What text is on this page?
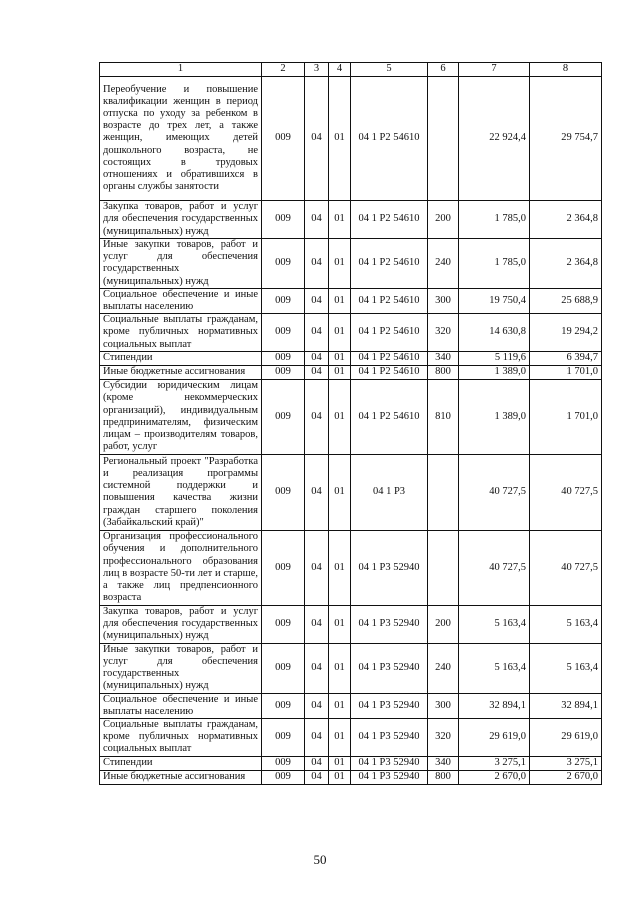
1	2	3	4	5	6	7	8
Переобучение и повышение квалификации женщин в период отпуска по уходу за ребенком в возрасте до трех лет, а также женщин, имеющих детей дошкольного возраста, не состоящих в трудовых отношениях и обратившихся в органы службы занятости	009	04	01	04 1 P2 54610		22 924,4	29 754,7
Закупка товаров, работ и услуг для обеспечения государственных (муниципальных) нужд	009	04	01	04 1 P2 54610	200	1 785,0	2 364,8
Иные закупки товаров, работ и услуг для обеспечения государственных (муниципальных) нужд	009	04	01	04 1 P2 54610	240	1 785,0	2 364,8
Социальное обеспечение и иные выплаты населению	009	04	01	04 1 P2 54610	300	19 750,4	25 688,9
Социальные выплаты гражданам, кроме публичных нормативных социальных выплат	009	04	01	04 1 P2 54610	320	14 630,8	19 294,2
Стипендии	009	04	01	04 1 P2 54610	340	5 119,6	6 394,7
Иные бюджетные ассигнования	009	04	01	04 1 P2 54610	800	1 389,0	1 701,0
Субсидии юридическим лицам (кроме некоммерческих организаций), индивидуальным предпринимателям, физическим лицам – производителям товаров, работ, услуг	009	04	01	04 1 P2 54610	810	1 389,0	1 701,0
Региональный проект "Разработка и реализация программы системной поддержки и повышения качества жизни граждан старшего поколения (Забайкальский край)"	009	04	01	04 1 P3		40 727,5	40 727,5
Организация профессионального обучения и дополнительного профессионального образования лиц в возрасте 50-ти лет и старше, а также лиц предпенсионного возраста	009	04	01	04 1 P3 52940		40 727,5	40 727,5
Закупка товаров, работ и услуг для обеспечения государственных (муниципальных) нужд	009	04	01	04 1 P3 52940	200	5 163,4	5 163,4
Иные закупки товаров, работ и услуг для обеспечения государственных (муниципальных) нужд	009	04	01	04 1 P3 52940	240	5 163,4	5 163,4
Социальное обеспечение и иные выплаты населению	009	04	01	04 1 P3 52940	300	32 894,1	32 894,1
Социальные выплаты гражданам, кроме публичных нормативных социальных выплат	009	04	01	04 1 P3 52940	320	29 619,0	29 619,0
Стипендии	009	04	01	04 1 P3 52940	340	3 275,1	3 275,1
Иные бюджетные ассигнования	009	04	01	04 1 P3 52940	800	2 670,0	2 670,0
50
